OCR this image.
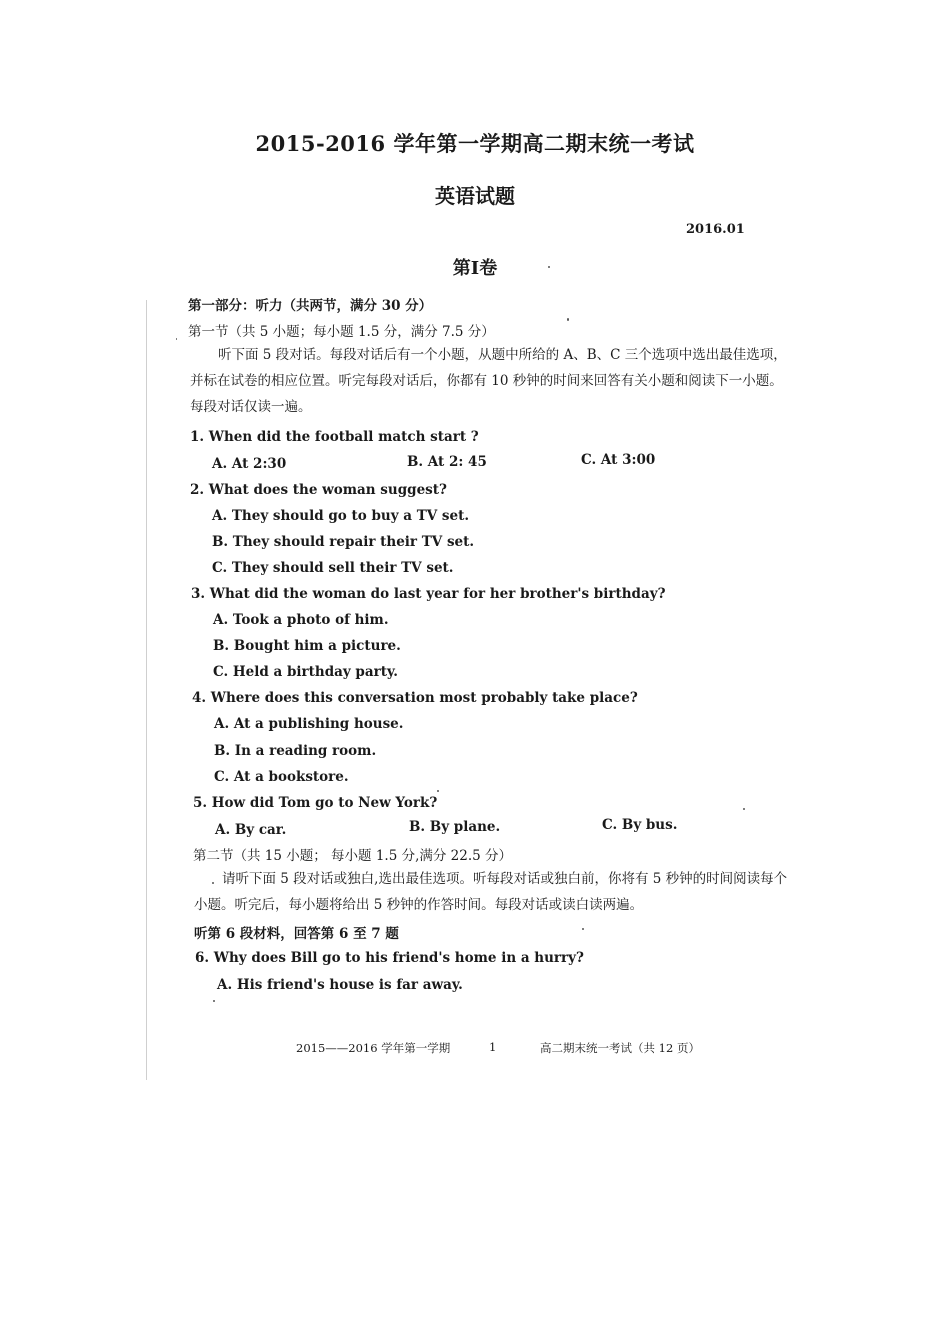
2015-2016 学年第一学期高二期末统一考试
英语试题
2016.01
第Ⅰ卷
第一部分：听力（共两节，满分 30 分）
第一节（共 5 小题；每小题 1.5 分，满分 7.5 分）
听下面 5 段对话。每段对话后有一个小题，从题中所给的 A、B、C 三个选项中选出最佳选项，并标在试卷的相应位置。听完每段对话后，你都有 10 秒钟的时间来回答有关小题和阅读下一小题。每段对话仅读一遍。
1. When did the football match start ?
A. At 2:30	B. At 2: 45	C. At 3:00
2. What does the woman suggest?
A. They should go to buy a TV set.
B. They should repair their TV set.
C. They should sell their TV set.
3. What did the woman do last year for her brother's birthday?
A. Took a photo of him.
B. Bought him a picture.
C. Held a birthday party.
4. Where does this conversation most probably take place?
A. At a publishing house.
B. In a reading room.
C. At a bookstore.
5. How did Tom go to New York?
A. By car.	B. By plane.	C. By bus.
第二节（共 15 小题； 每小题 1.5 分,满分 22.5 分）
请听下面 5 段对话或独白,选出最佳选项。听每段对话或独白前，你将有 5 秒钟的时间阅读每个小题。听完后，每小题将给出 5 秒钟的作答时间。每段对话或读白读两遍。
听第 6 段材料，回答第 6 至 7 题
6. Why does Bill go to his friend's home in a hurry?
A. His friend's house is far away.
2015——2016 学年第一学期	1	高二期末统一考试（共 12 页）
